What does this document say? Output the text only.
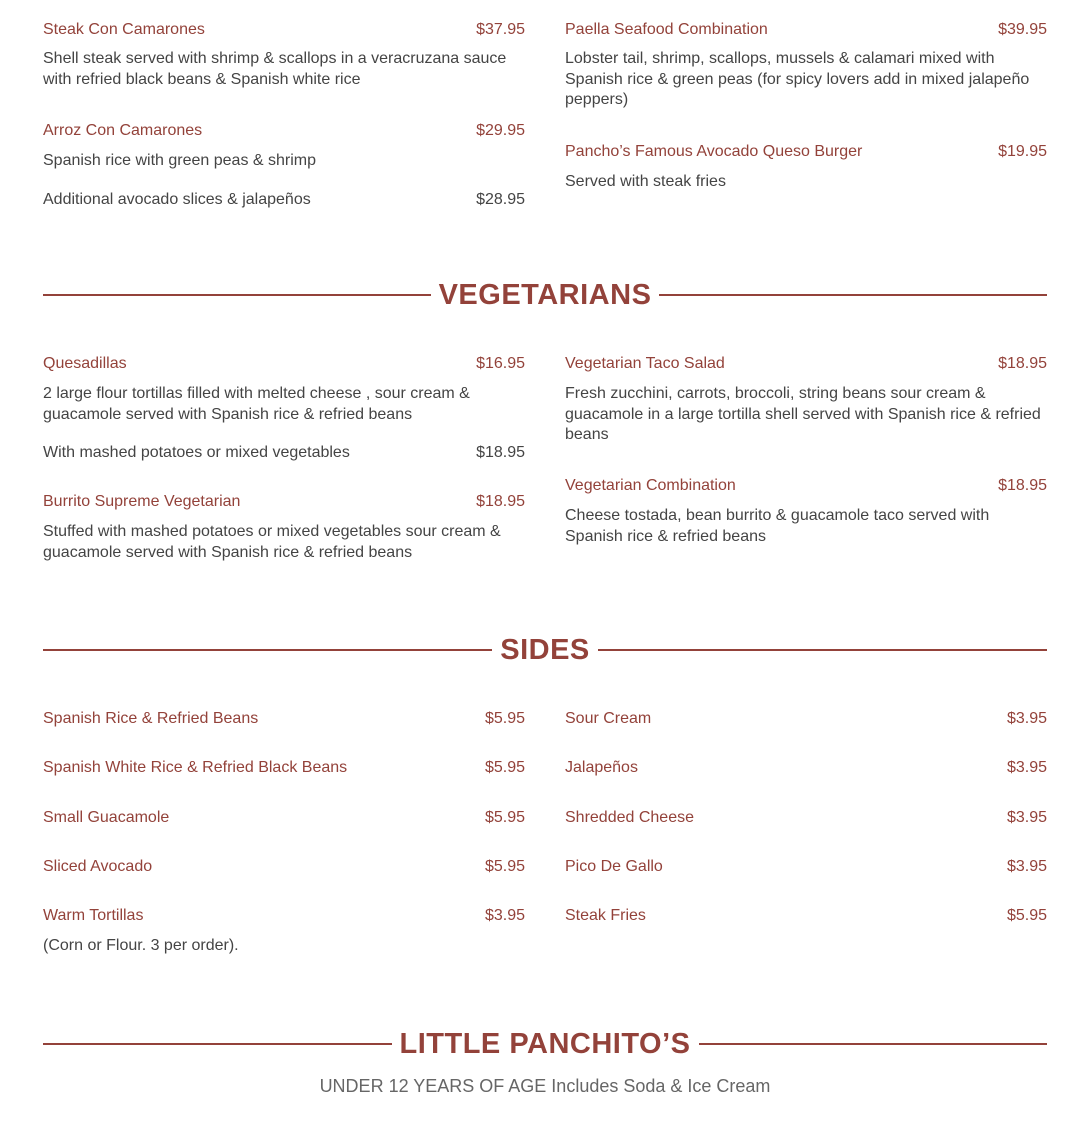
Steak Con Camarones	$37.95

Shell steak served with shrimp & scallops in a veracruzana sauce with refried black beans & Spanish white rice

Arroz Con Camarones	$29.95

Spanish rice with green peas & shrimp

Additional avocado slices & jalapeños	$28.95
Paella Seafood Combination	$39.95

Lobster tail, shrimp, scallops, mussels & calamari mixed with Spanish rice & green peas (for spicy lovers add in mixed jalapeño peppers)

Pancho’s Famous Avocado Queso Burger	$19.95

Served with steak fries

VEGETARIANS
Quesadillas	$16.95

2 large flour tortillas filled with melted cheese , sour cream & guacamole served with Spanish rice & refried beans

With mashed potatoes or mixed vegetables	$18.95
Burrito Supreme Vegetarian	$18.95

Stuffed with mashed potatoes or mixed vegetables sour cream & guacamole served with Spanish rice & refried beans

Vegetarian Taco Salad	$18.95

Fresh zucchini, carrots, broccoli, string beans sour cream & guacamole in a large tortilla shell served with Spanish rice & refried beans

Vegetarian Combination	$18.95

Cheese tostada, bean burrito & guacamole taco served with Spanish rice & refried beans

SIDES
Spanish Rice & Refried Beans	$5.95
Spanish White Rice & Refried Black Beans	$5.95
Small Guacamole	$5.95
Sliced Avocado	$5.95
Warm Tortillas	$3.95

(Corn or Flour. 3 per order).

Sour Cream	$3.95
Jalapeños	$3.95
Shredded Cheese	$3.95
Pico De Gallo	$3.95
Steak Fries	$5.95
LITTLE PANCHITO’S
UNDER 12 YEARS OF AGE Includes Soda & Ice Cream
